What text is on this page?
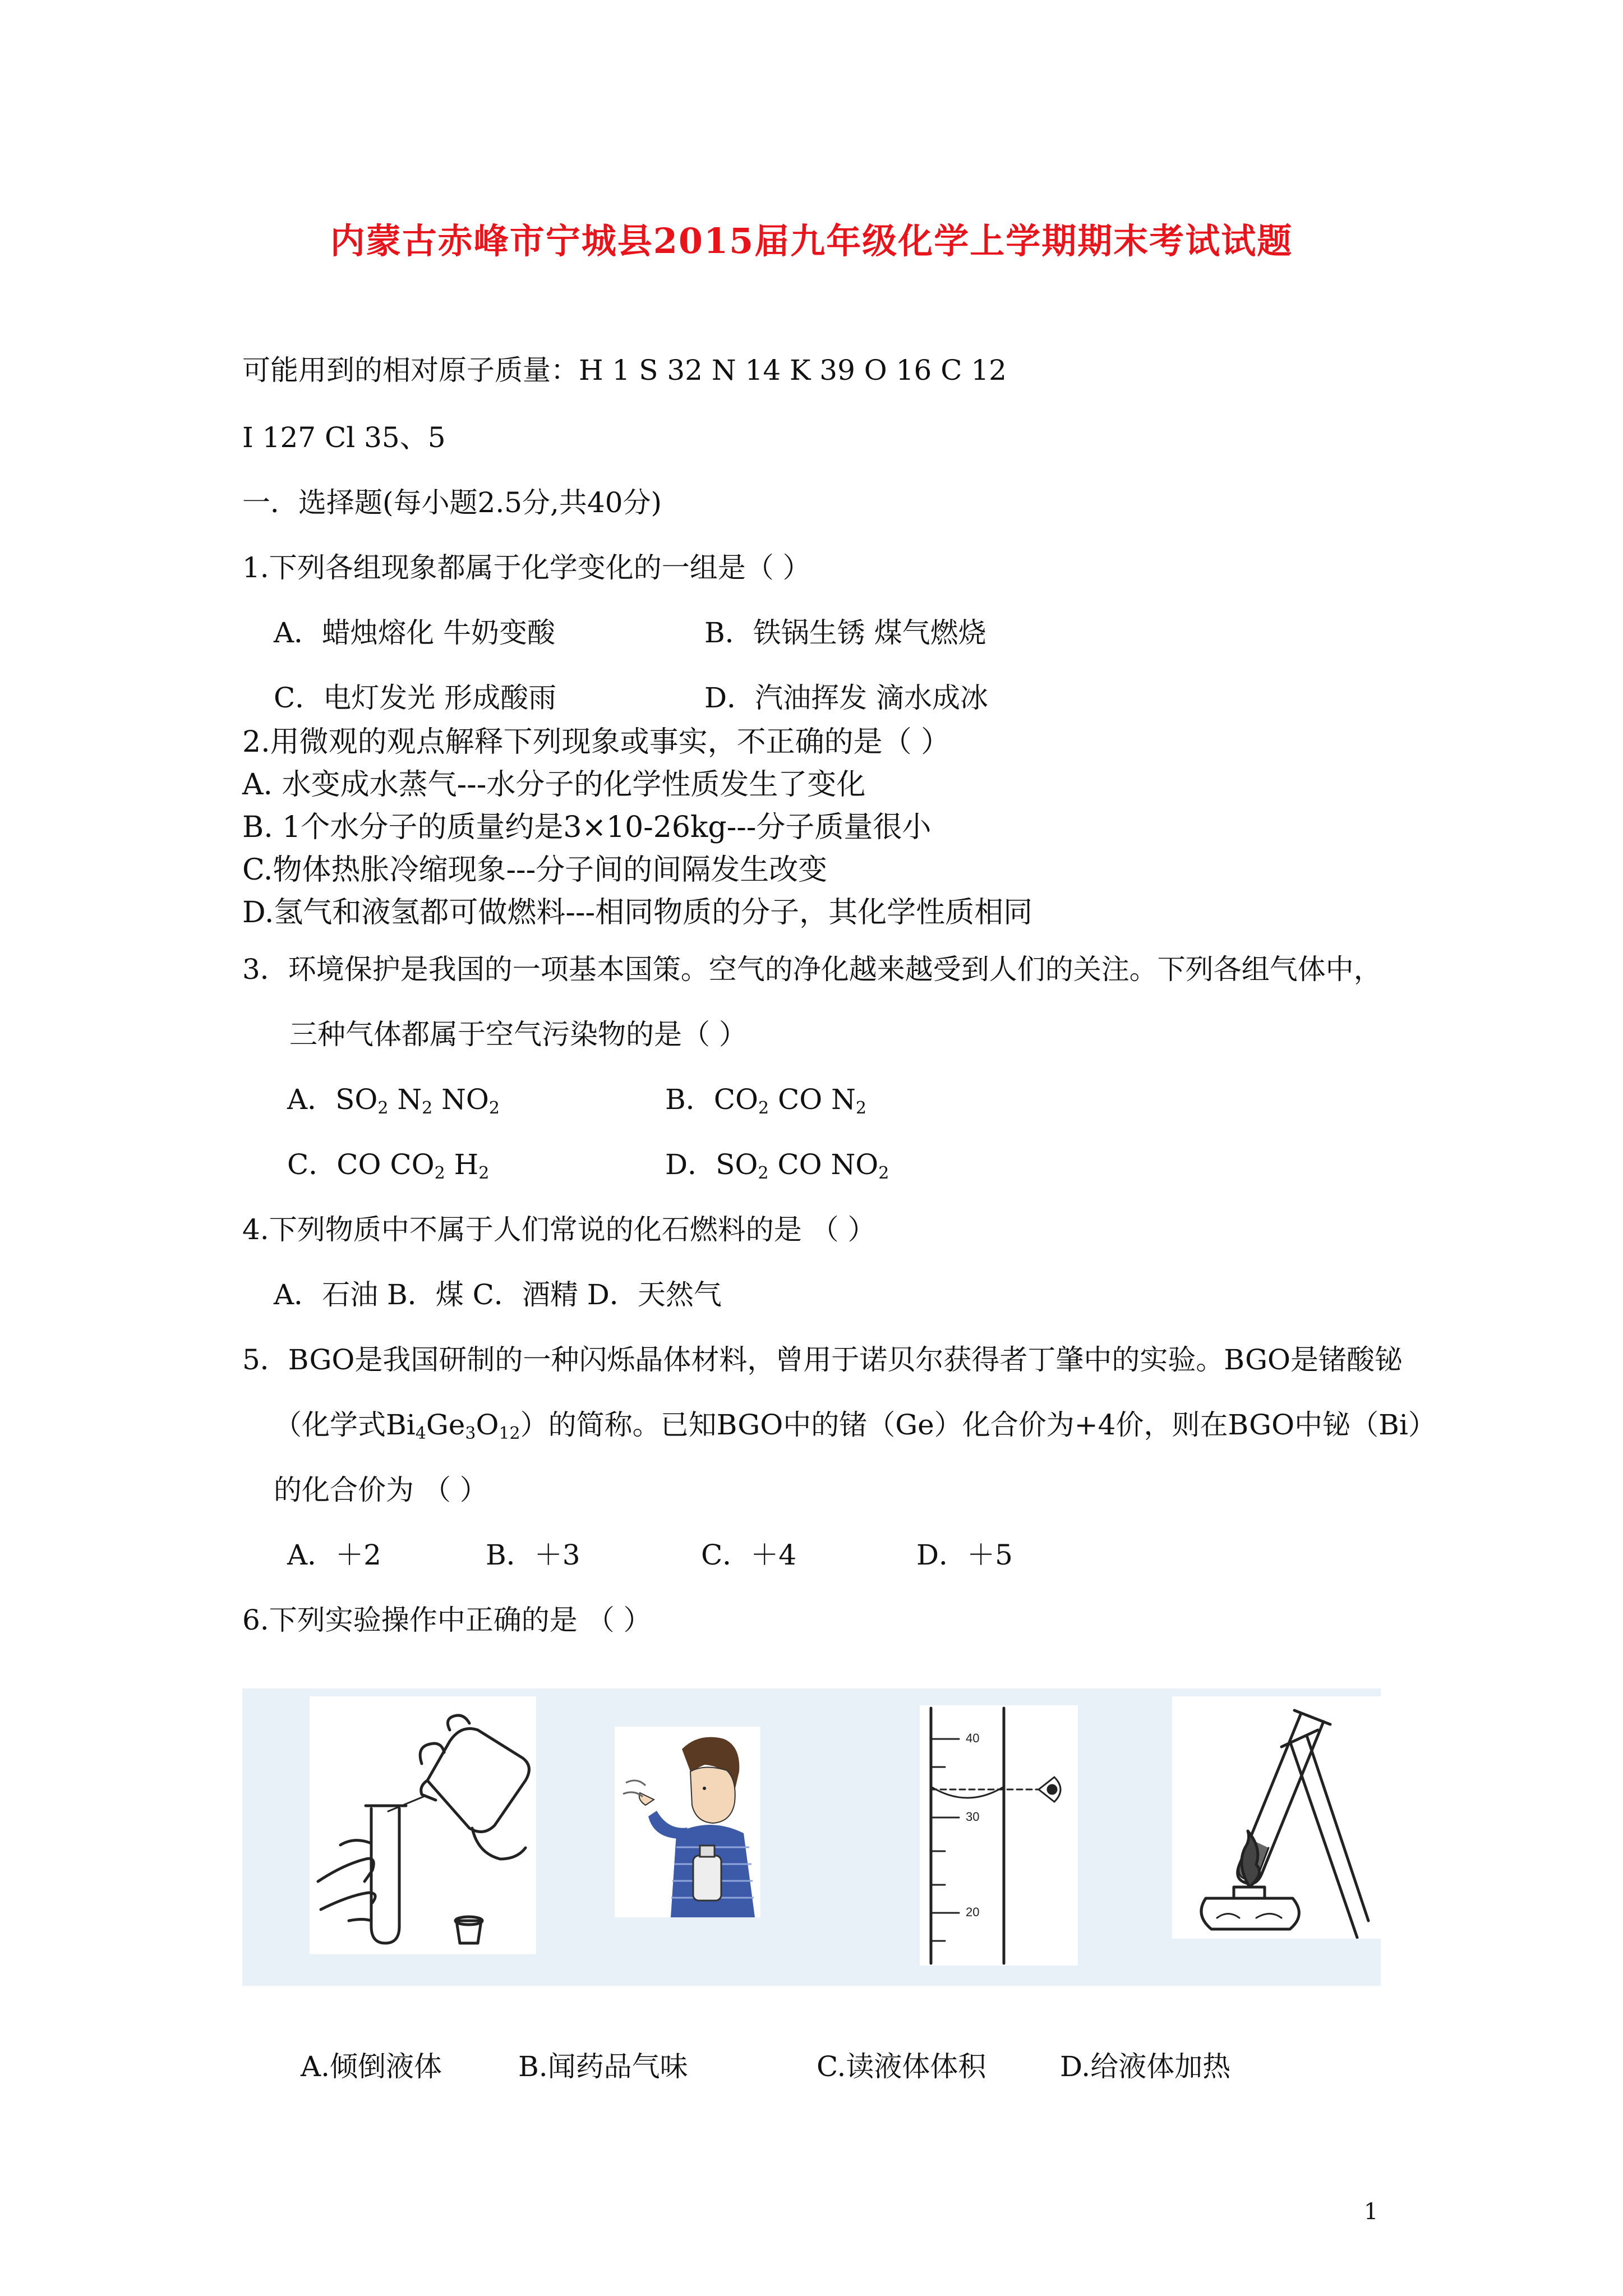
内蒙古赤峰市宁城县2015届九年级化学上学期期末考试试题
可能用到的相对原子质量：H 1 S 32 N 14 K 39 O 16 C 12
I 127 Cl 35、5
一．选择题(每小题2.5分,共40分)
1.下列各组现象都属于化学变化的一组是（ ）
A．蜡烛熔化 牛奶变酸	B．铁锅生锈 煤气燃烧
C．电灯发光 形成酸雨	D．汽油挥发 滴水成冰
2.用微观的观点解释下列现象或事实，不正确的是（ ）
A. 水变成水蒸气---水分子的化学性质发生了变化
B. 1个水分子的质量约是3×10-26kg---分子质量很小
C.物体热胀冷缩现象---分子间的间隔发生改变
D.氢气和液氢都可做燃料---相同物质的分子，其化学性质相同
3．环境保护是我国的一项基本国策。空气的净化越来越受到人们的关注。下列各组气体中，
三种气体都属于空气污染物的是（ ）
A．$SO_2$ $N_2$ $NO_2$	B．$CO_2$ CO $N_2$
C．CO $CO_2$ $H_2$	D．$SO_2$ CO $NO_2$
4.下列物质中不属于人们常说的化石燃料的是 （ ）
A．石油 B．煤 C．酒精 D．天然气
5．BGO是我国研制的一种闪烁晶体材料，曾用于诺贝尔获得者丁肇中的实验。BGO是锗酸铋
（化学式$Bi_4Ge_3O_{12}$）的简称。已知BGO中的锗（Ge）化合价为+4价，则在BGO中铋（Bi）
的化合价为 （ ）
A．＋2	B．＋3	C．＋4	D．＋5
6.下列实验操作中正确的是 （ ）
40
30
20
A.倾倒液体	B.闻药品气味	C.读液体体积	D.给液体加热
1
